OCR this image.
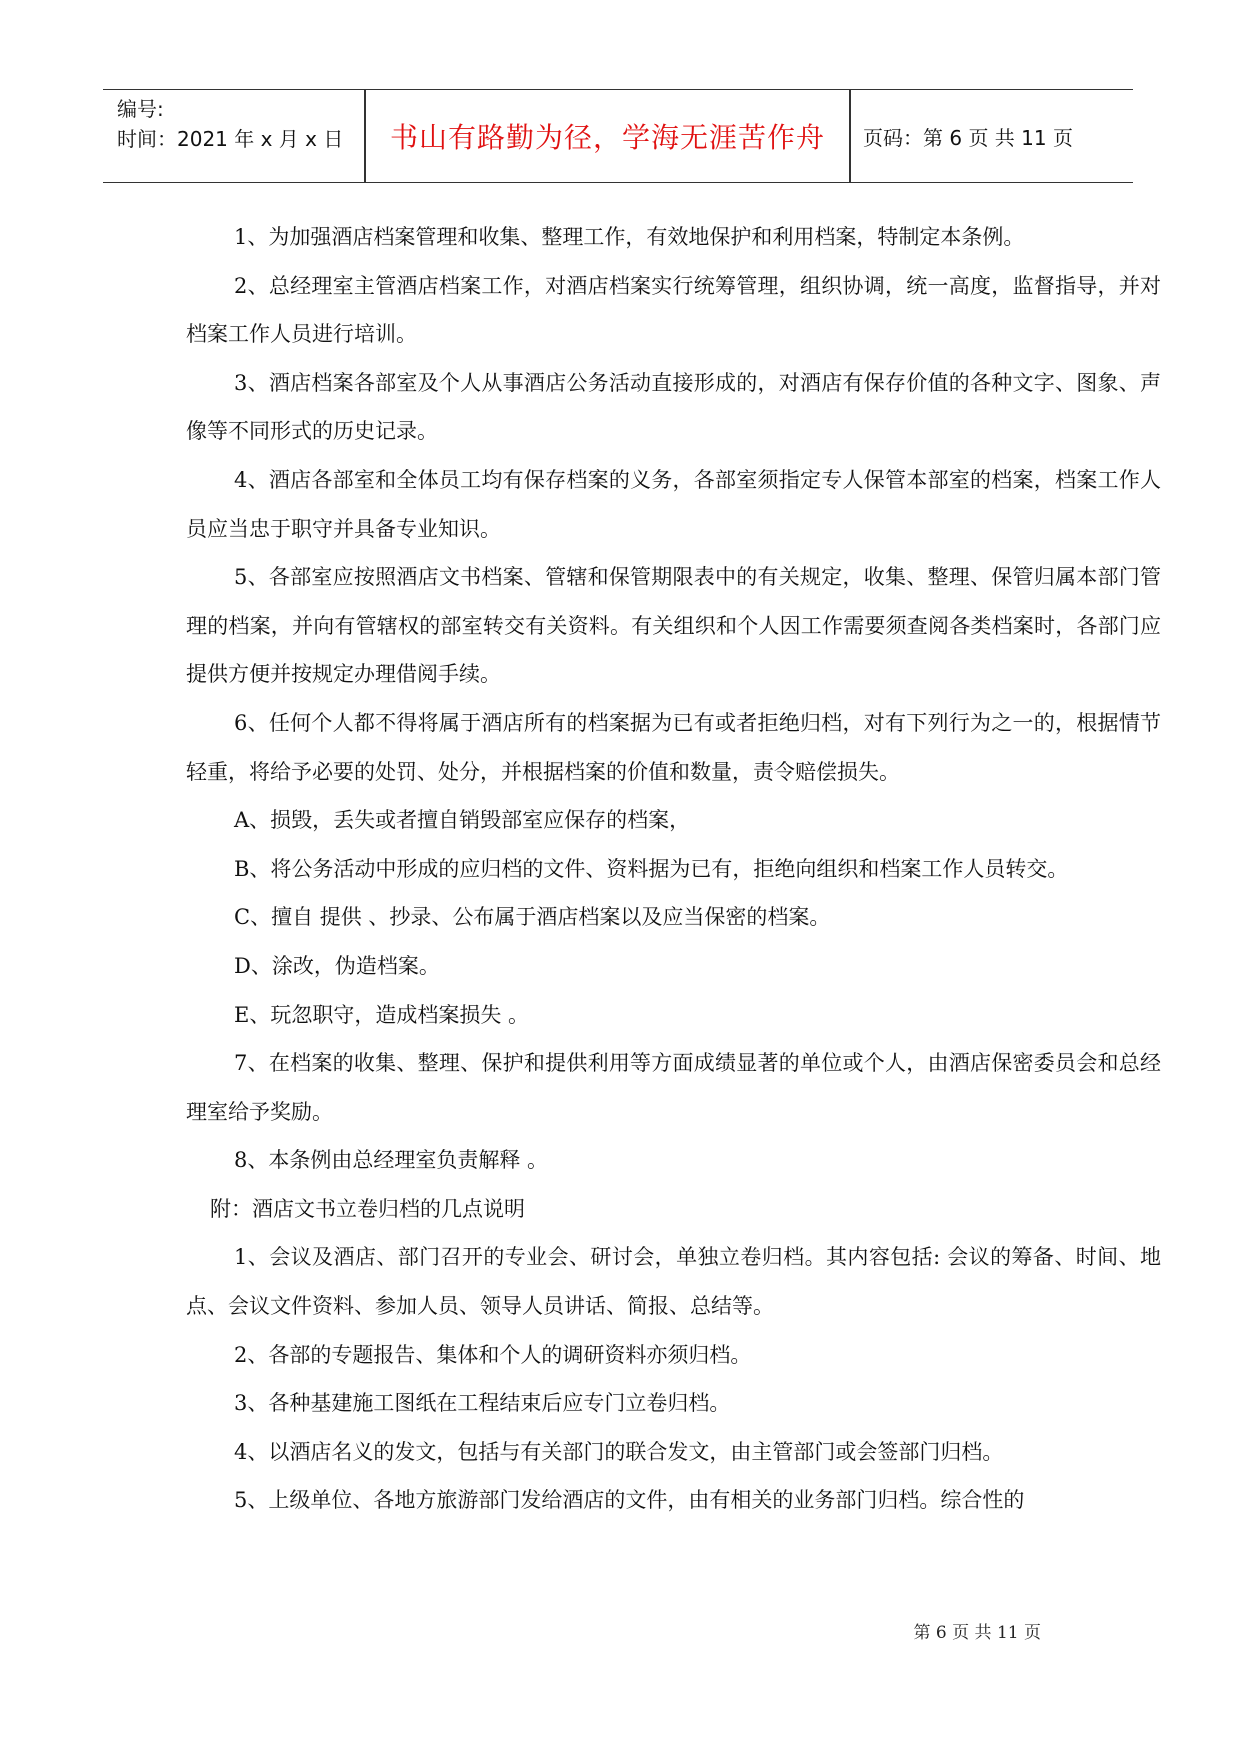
编号:
时间：2021 年 x 月 x 日	书山有路勤为径，学海无涯苦作舟	页码：第 6 页 共 11 页

1、为加强酒店档案管理和收集、整理工作，有效地保护和利用档案，特制定本条例。

2、总经理室主管酒店档案工作，对酒店档案实行统筹管理，组织协调，统一高度，监督指导，并对档案工作人员进行培训。

3、酒店档案各部室及个人从事酒店公务活动直接形成的，对酒店有保存价值的各种文字、图象、声像等不同形式的历史记录。

4、酒店各部室和全体员工均有保存档案的义务，各部室须指定专人保管本部室的档案，档案工作人员应当忠于职守并具备专业知识。

5、各部室应按照酒店文书档案、管辖和保管期限表中的有关规定，收集、整理、保管归属本部门管理的档案，并向有管辖权的部室转交有关资料。有关组织和个人因工作需要须查阅各类档案时，各部门应提供方便并按规定办理借阅手续。

6、任何个人都不得将属于酒店所有的档案据为已有或者拒绝归档，对有下列行为之一的，根据情节轻重，将给予必要的处罚、处分，并根据档案的价值和数量，责令赔偿损失。

A、损毁，丢失或者擅自销毁部室应保存的档案，

B、将公务活动中形成的应归档的文件、资料据为已有，拒绝向组织和档案工作人员转交。

C、擅自 提供 、抄录、公布属于酒店档案以及应当保密的档案。

D、涂改，伪造档案。

E、玩忽职守，造成档案损失 。

7、在档案的收集、整理、保护和提供利用等方面成绩显著的单位或个人，由酒店保密委员会和总经理室给予奖励。

8、本条例由总经理室负责解释 。

附：酒店文书立卷归档的几点说明

1、会议及酒店、部门召开的专业会、研讨会，单独立卷归档。其内容包括: 会议的筹备、时间、地点、会议文件资料、参加人员、领导人员讲话、简报、总结等。

2、各部的专题报告、集体和个人的调研资料亦须归档。

3、各种基建施工图纸在工程结束后应专门立卷归档。

4、以酒店名义的发文，包括与有关部门的联合发文，由主管部门或会签部门归档。

5、上级单位、各地方旅游部门发给酒店的文件，由有相关的业务部门归档。综合性的

第 6 页 共 11 页
